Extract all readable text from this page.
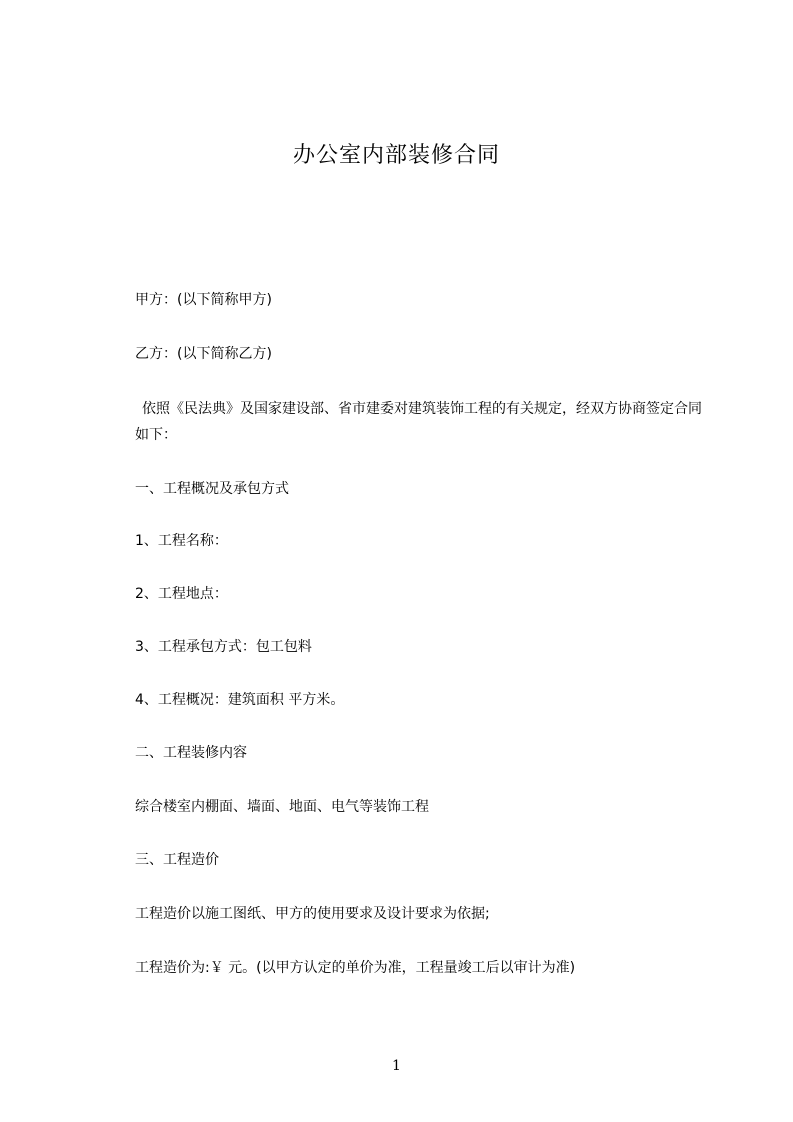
办公室内部装修合同

甲方：(以下简称甲方)

乙方：(以下简称乙方)

依照《民法典》及国家建设部、省市建委对建筑装饰工程的有关规定，经双方协商签定合同如下：

一、工程概况及承包方式

1、工程名称：

2、工程地点：

3、工程承包方式：包工包料

4、工程概况：建筑面积 平方米。

二、工程装修内容

综合楼室内棚面、墙面、地面、电气等装饰工程

三、工程造价

工程造价以施工图纸、甲方的使用要求及设计要求为依据;

工程造价为:￥ 元。(以甲方认定的单价为准，工程量竣工后以审计为准)

1
